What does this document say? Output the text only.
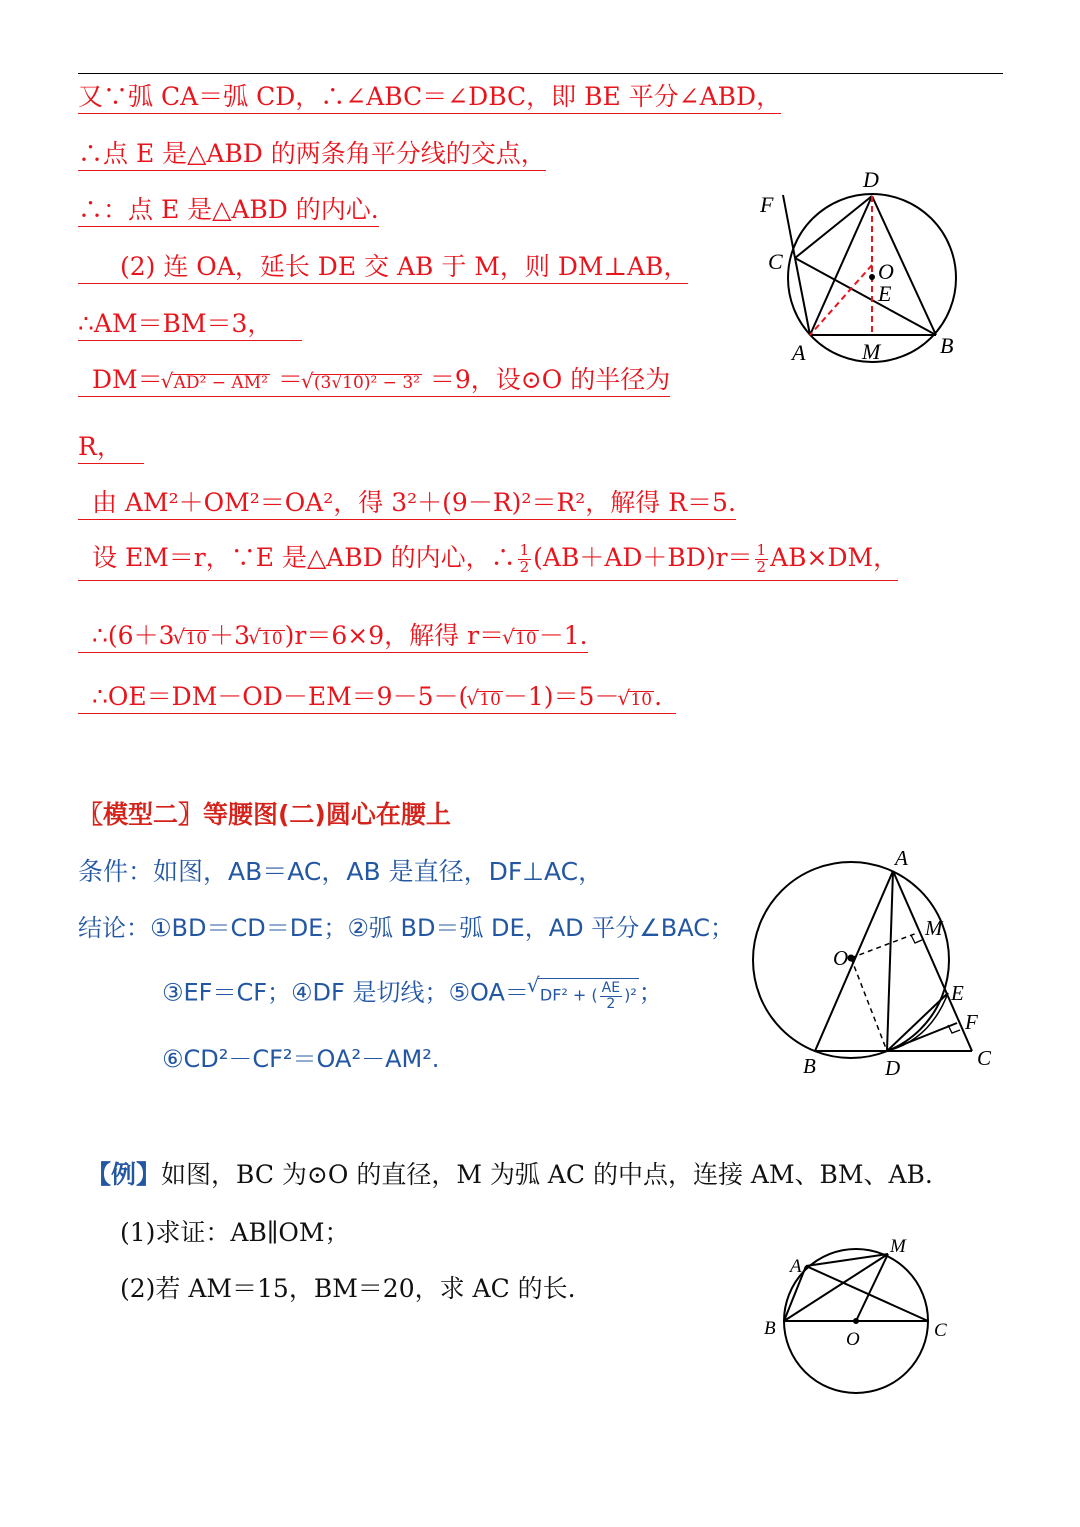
又∵弧 CA＝弧 CD，∴∠ABC＝∠DBC，即 BE 平分∠ABD，
∴点 E 是△ABD 的两条角平分线的交点，
∴：点 E 是△ABD 的内心.
(2) 连 OA，延长 DE 交 AB 于 M，则 DM⊥AB，
∴AM＝BM＝3，
DM＝ √ AD² − AM² ＝ √ (3√10)² − 3² ＝9，设⊙O 的半径为
R，
由 AM²＋OM²＝OA²，得 3²＋(9－R)²＝R²，解得 R＝5.
设 EM＝r，∵E 是△ABD 的内心，∴ $\frac{1}{2} (AB+AD+BD)r= \frac{1}{2} AB\times DM$，
∴(6＋3 √ 10＋3 √ 10)r＝6×9，解得 r＝ √ 10－1.
∴OE＝DM－OD－EM＝9－5－( √ 10－1)＝5－ √ 10.
D
F
C	O
E
A	M	B
〖模型二〗等腰图(二)圆心在腰上
条件：如图，AB＝AC，AB 是直径，DF⊥AC，
结论：①BD＝CD＝DE；②弧 BD＝弧 DE，AD 平分∠BAC；
③EF＝CF；④DF 是切线；⑤OA＝ √ DF² + ( $\frac{AE}{2} )^2$；
⑥CD²－CF²＝OA²－AM².
A
M
O
E
F
B	D	C
【例】如图，BC 为⊙O 的直径，M 为弧 AC 的中点，连接 AM、BM、AB.
(1)求证：AB∥OM；
(2)若 AM＝15，BM＝20，求 AC 的长.
A
M
B
O	C
